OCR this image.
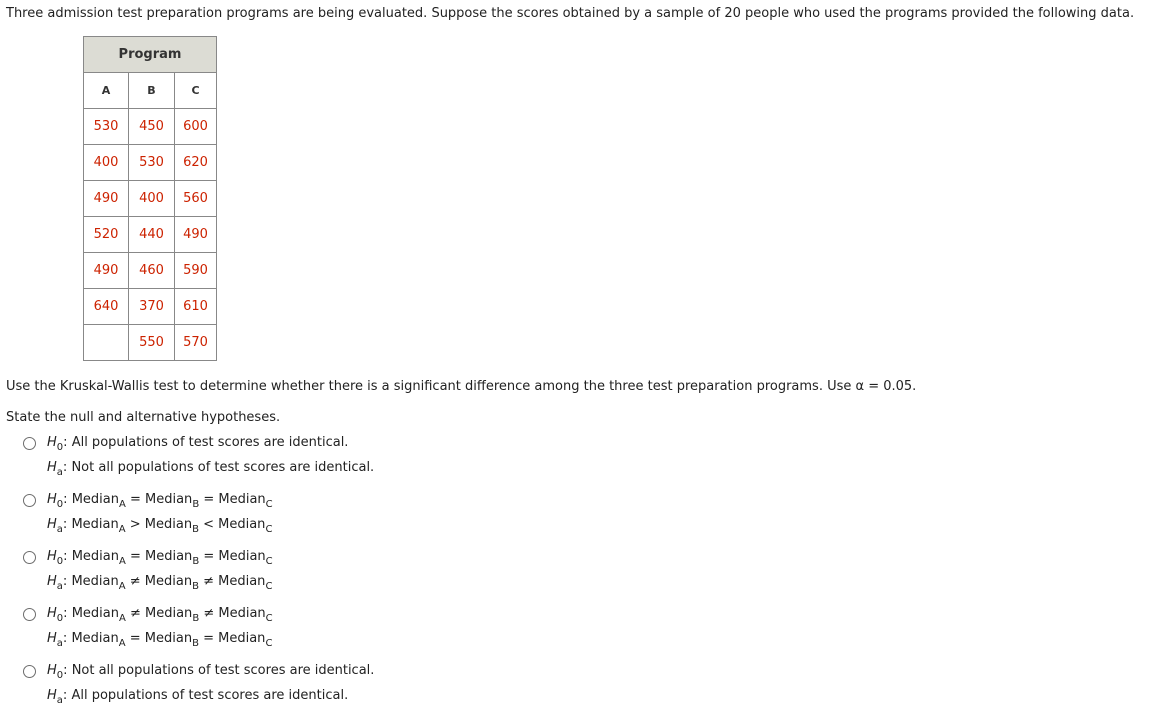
Three admission test preparation programs are being evaluated. Suppose the scores obtained by a sample of 20 people who used the programs provided the following data.
Program		
A	B	C
530	450	600
400	530	620
490	400	560
520	440	490
490	460	590
640	370	610
	550	570
Use the Kruskal-Wallis test to determine whether there is a significant difference among the three test preparation programs. Use α = 0.05.
State the null and alternative hypotheses.
$H_0$: All populations of test scores are identical.
$H_a$: Not all populations of test scores are identical.
$H_0$: Median$_A$ = Median$_B$ = Median$_C$
$H_a$: Median$_A$ > Median$_B$ < Median$_C$
$H_0$: Median$_A$ = Median$_B$ = Median$_C$
$H_a$: Median$_A$ ≠ Median$_B$ ≠ Median$_C$
$H_0$: Median$_A$ ≠ Median$_B$ ≠ Median$_C$
$H_a$: Median$_A$ = Median$_B$ = Median$_C$
$H_0$: Not all populations of test scores are identical.
$H_a$: All populations of test scores are identical.
